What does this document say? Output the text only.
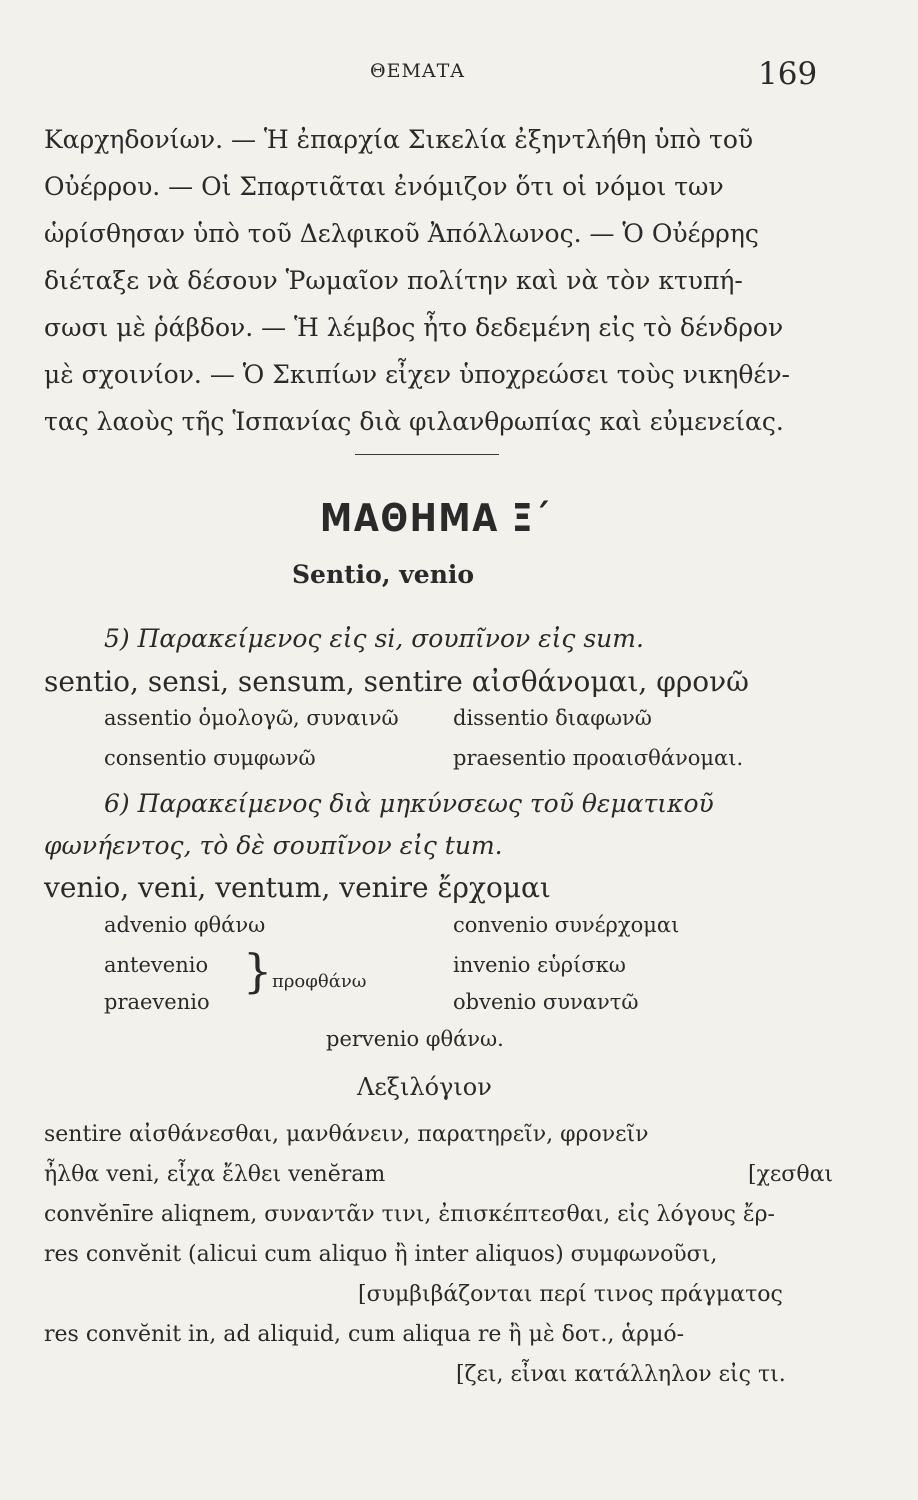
ΘΕΜΑΤΑ	169
Καρχηδονίων. — Ἡ ἐπαρχία Σικελία ἐξηντλήθη ὑπὸ τοῦ
Οὐέρρου. — Οἱ Σπαρτιᾶται ἐνόμιζον ὅτι οἱ νόμοι των
ὡρίσθησαν ὑπὸ τοῦ Δελφικοῦ Ἀπόλλωνος. — Ὁ Οὐέρρης
διέταξε νὰ δέσουν Ῥωμαῖον πολίτην καὶ νὰ τὸν κτυπή-
σωσι μὲ ῥάβδον. — Ἡ λέμβος ἦτο δεδεμένη εἰς τὸ δένδρον
μὲ σχοινίον. — Ὁ Σκιπίων εἶχεν ὑποχρεώσει τοὺς νικηθέν-
τας λαοὺς τῆς Ἱσπανίας διὰ φιλανθρωπίας καὶ εὐμενείας.
ΜΑΘΗΜΑ Ξ΄
Sentio, venio
5) Παρακείμενος εἰς si, σουπῖνον εἰς sum.
sentio, sensi, sensum, sentire αἰσθάνομαι, φρονῶ
assentio ὁμολογῶ, συναινῶ	dissentio διαφωνῶ
consentio συμφωνῶ	praesentio προαισθάνομαι.
6) Παρακείμενος διὰ μηκύνσεως τοῦ θεματικοῦ
φωνήεντος, τὸ δὲ σουπῖνον εἰς tum.
venio, veni, ventum, venire ἔρχομαι
advenio φθάνω	convenio συνέρχομαι
antevenio	invenio εὑρίσκω
praevenio	obvenio συναντῶ
} προφθάνω
pervenio φθάνω.
Λεξιλόγιον
sentire αἰσθάνεσθαι, μανθάνειν, παρατηρεῖν, φρονεῖν
ἦλθα veni, εἶχα ἔλθει venĕram	[χεσθαι
convĕnīre aliqnem, συναντᾶν τινι, ἐπισκέπτεσθαι, εἰς λόγους ἔρ-
res convĕnit (alicui cum aliquo ἢ inter aliquos) συμφωνοῦσι,
[συμβιβάζονται περί τινος πράγματος
res convĕnit in, ad aliquid, cum aliqua re ἢ μὲ δοτ., ἁρμό-
[ζει, εἶναι κατάλληλον εἰς τι.
